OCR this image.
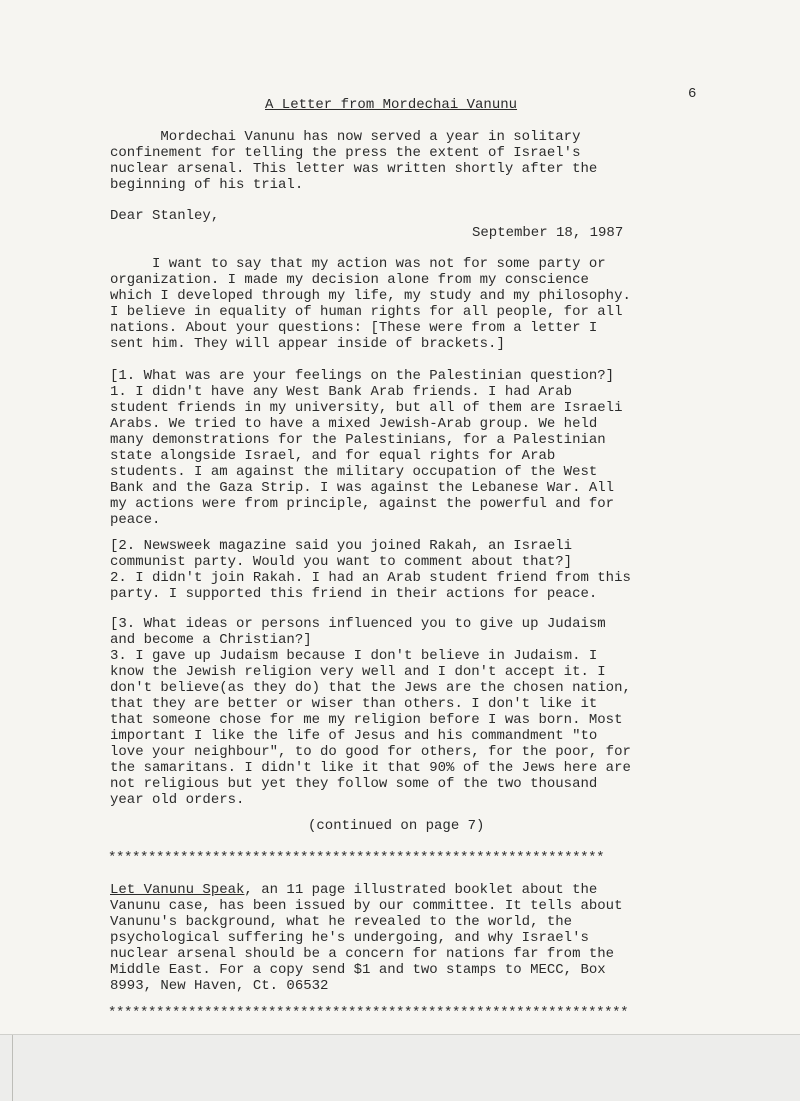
6
A Letter from Mordechai Vanunu
Mordechai Vanunu has now served a year in solitary
confinement for telling the press the extent of Israel's
nuclear arsenal. This letter was written shortly after the
beginning of his trial.
Dear Stanley,
September 18, 1987
I want to say that my action was not for some party or
organization. I made my decision alone from my conscience
which I developed through my life, my study and my philosophy.
I believe in equality of human rights for all people, for all
nations. About your questions: [These were from a letter I
sent him. They will appear inside of brackets.]
[1. What was are your feelings on the Palestinian question?]
1. I didn't have any West Bank Arab friends. I had Arab
student friends in my university, but all of them are Israeli
Arabs. We tried to have a mixed Jewish-Arab group. We held
many demonstrations for the Palestinians, for a Palestinian
state alongside Israel, and for equal rights for Arab
students. I am against the military occupation of the West
Bank and the Gaza Strip. I was against the Lebanese War. All
my actions were from principle, against the powerful and for
peace.
[2. Newsweek magazine said you joined Rakah, an Israeli
communist party. Would you want to comment about that?]
2. I didn't join Rakah. I had an Arab student friend from this
party. I supported this friend in their actions for peace.
[3. What ideas or persons influenced you to give up Judaism
and become a Christian?]
3. I gave up Judaism because I don't believe in Judaism. I
know the Jewish religion very well and I don't accept it. I
don't believe(as they do) that the Jews are the chosen nation,
that they are better or wiser than others. I don't like it
that someone chose for me my religion before I was born. Most
important I like the life of Jesus and his commandment "to
love your neighbour", to do good for others, for the poor, for
the samaritans. I didn't like it that 90% of the Jews here are
not religious but yet they follow some of the two thousand
year old orders.
(continued on page 7)
**************************************************************
Let Vanunu Speak, an 11 page illustrated booklet about the
Vanunu case, has been issued by our committee. It tells about
Vanunu's background, what he revealed to the world, the
psychological suffering he's undergoing, and why Israel's
nuclear arsenal should be a concern for nations far from the
Middle East. For a copy send $1 and two stamps to MECC, Box
8993, New Haven, Ct. 06532
*****************************************************************
